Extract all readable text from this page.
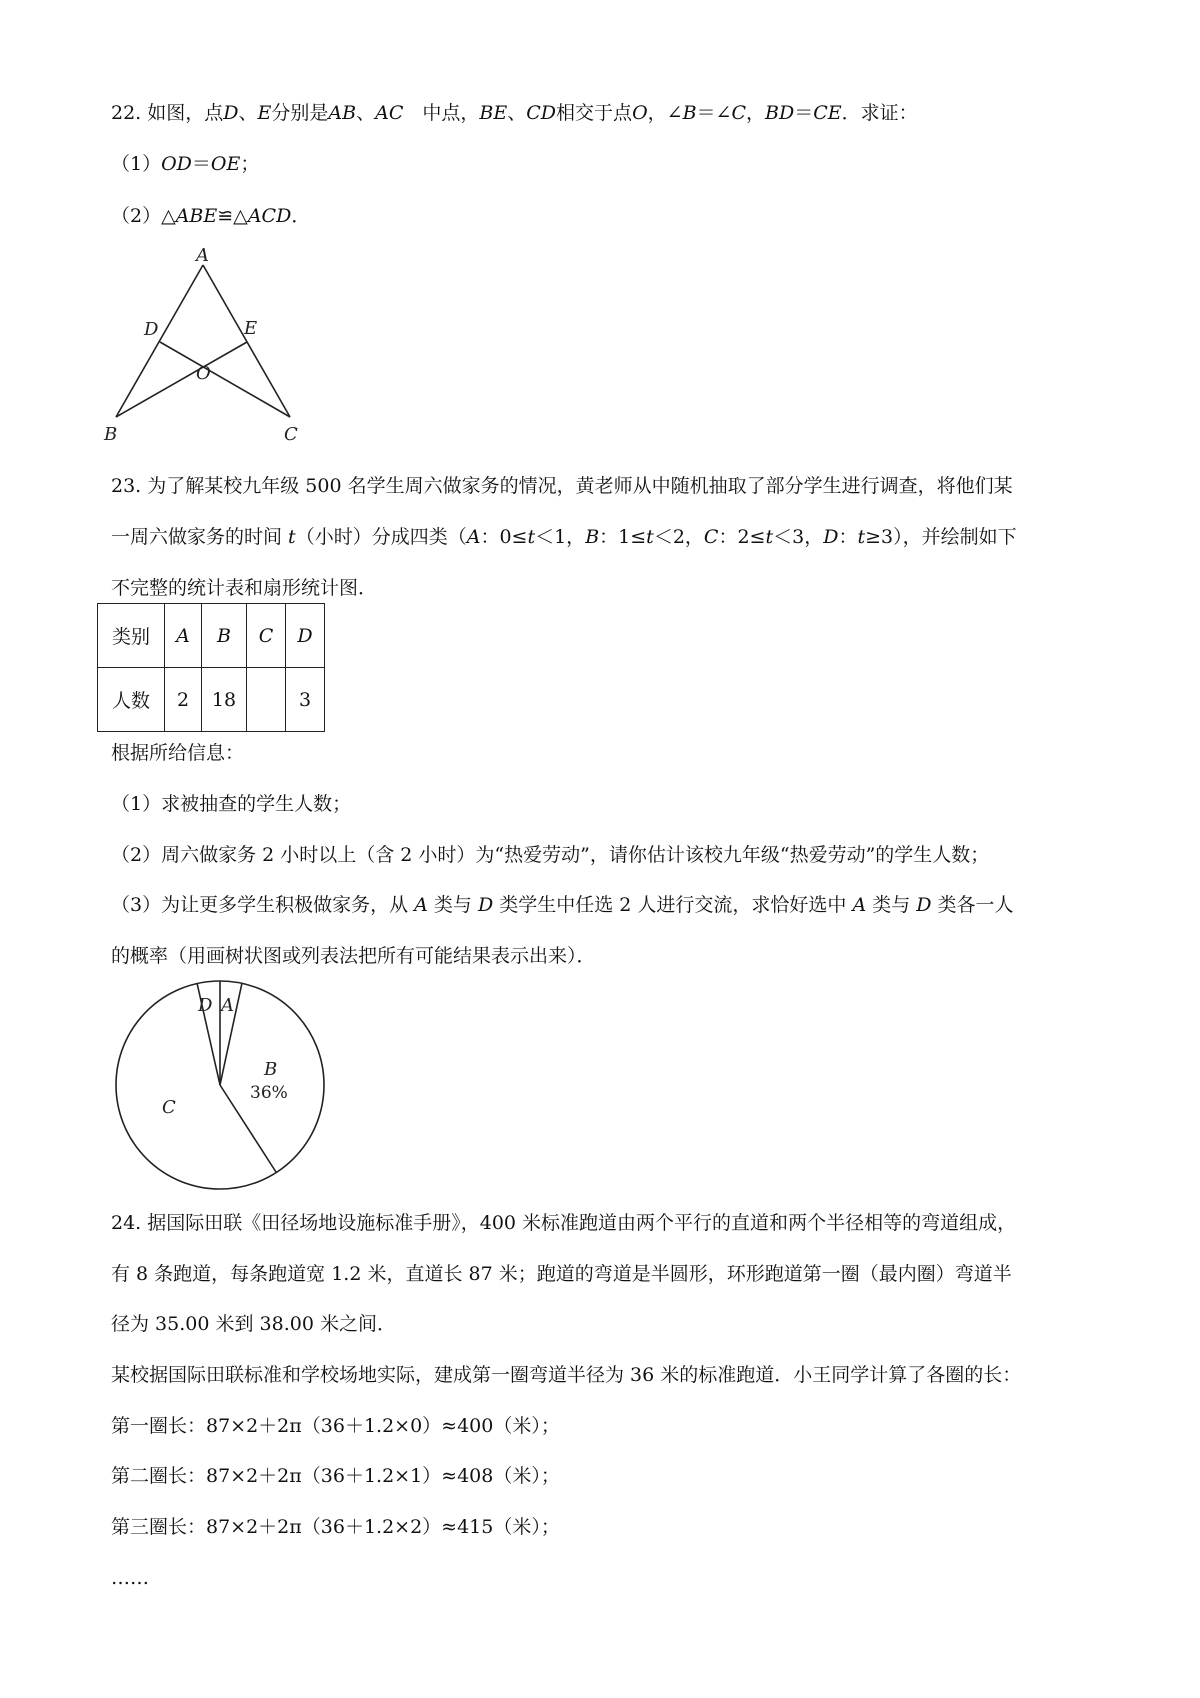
22. 如图，点D、E分别是AB、AC　中点，BE、CD相交于点O，∠B＝∠C，BD＝CE．求证：
（1）OD＝OE；
（2）△ABE≌△ACD．
A
B	C
D	E
O
23. 为了解某校九年级 500 名学生周六做家务的情况，黄老师从中随机抽取了部分学生进行调查，将他们某
一周六做家务的时间 t（小时）分成四类（A：0≤t＜1，B：1≤t＜2，C：2≤t＜3，D：t≥3），并绘制如下
不完整的统计表和扇形统计图．
类别	A	B	C	D
人数	2	18		3
根据所给信息：
（1）求被抽查的学生人数；
（2）周六做家务 2 小时以上（含 2 小时）为“热爱劳动”，请你估计该校九年级“热爱劳动”的学生人数；
（3）为让更多学生积极做家务，从 A 类与 D 类学生中任选 2 人进行交流，求恰好选中 A 类与 D 类各一人
的概率（用画树状图或列表法把所有可能结果表示出来）．
D A
B
C
36%
24. 据国际田联《田径场地设施标准手册》，400 米标准跑道由两个平行的直道和两个半径相等的弯道组成，
有 8 条跑道，每条跑道宽 1.2 米，直道长 87 米；跑道的弯道是半圆形，环形跑道第一圈（最内圈）弯道半
径为 35.00 米到 38.00 米之间．
某校据国际田联标准和学校场地实际，建成第一圈弯道半径为 36 米的标准跑道．小王同学计算了各圈的长：
第一圈长：87×2＋2π（36＋1.2×0）≈400（米）；
第二圈长：87×2＋2π（36＋1.2×1）≈408（米）；
第三圈长：87×2＋2π（36＋1.2×2）≈415（米）；
……
